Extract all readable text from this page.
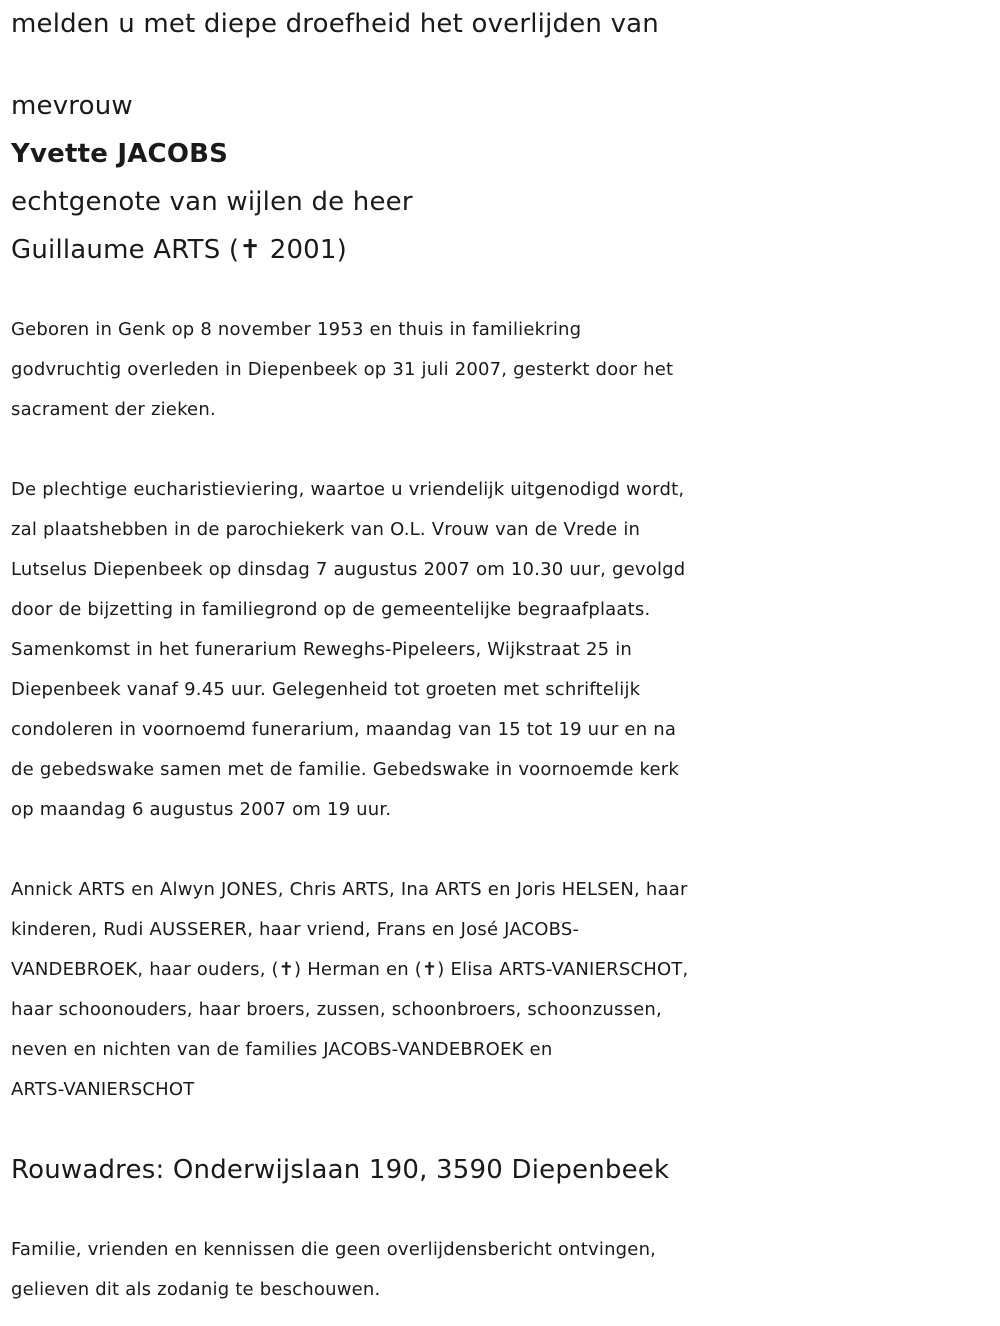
melden u met diepe droefheid het overlijden van
mevrouw
Yvette JACOBS
echtgenote van wijlen de heer
Guillaume ARTS (✝ 2001)
Geboren in Genk op 8 november 1953 en thuis in familiekring
godvruchtig overleden in Diepenbeek op 31 juli 2007, gesterkt door het
sacrament der zieken.
De plechtige eucharistieviering, waartoe u vriendelijk uitgenodigd wordt,
zal plaatshebben in de parochiekerk van O.L. Vrouw van de Vrede in
Lutselus Diepenbeek op dinsdag 7 augustus 2007 om 10.30 uur, gevolgd
door de bijzetting in familiegrond op de gemeentelijke begraafplaats.
Samenkomst in het funerarium Reweghs-Pipeleers, Wijkstraat 25 in
Diepenbeek vanaf 9.45 uur. Gelegenheid tot groeten met schriftelijk
condoleren in voornoemd funerarium, maandag van 15 tot 19 uur en na
de gebedswake samen met de familie. Gebedswake in voornoemde kerk
op maandag 6 augustus 2007 om 19 uur.
Annick ARTS en Alwyn JONES, Chris ARTS, Ina ARTS en Joris HELSEN, haar
kinderen, Rudi AUSSERER, haar vriend, Frans en José JACOBS-
VANDEBROEK, haar ouders, (✝) Herman en (✝) Elisa ARTS-VANIERSCHOT,
haar schoonouders, haar broers, zussen, schoonbroers, schoonzussen,
neven en nichten van de families JACOBS-VANDEBROEK en
ARTS-VANIERSCHOT
Rouwadres: Onderwijslaan 190, 3590 Diepenbeek
Familie, vrienden en kennissen die geen overlijdensbericht ontvingen,
gelieven dit als zodanig te beschouwen.
